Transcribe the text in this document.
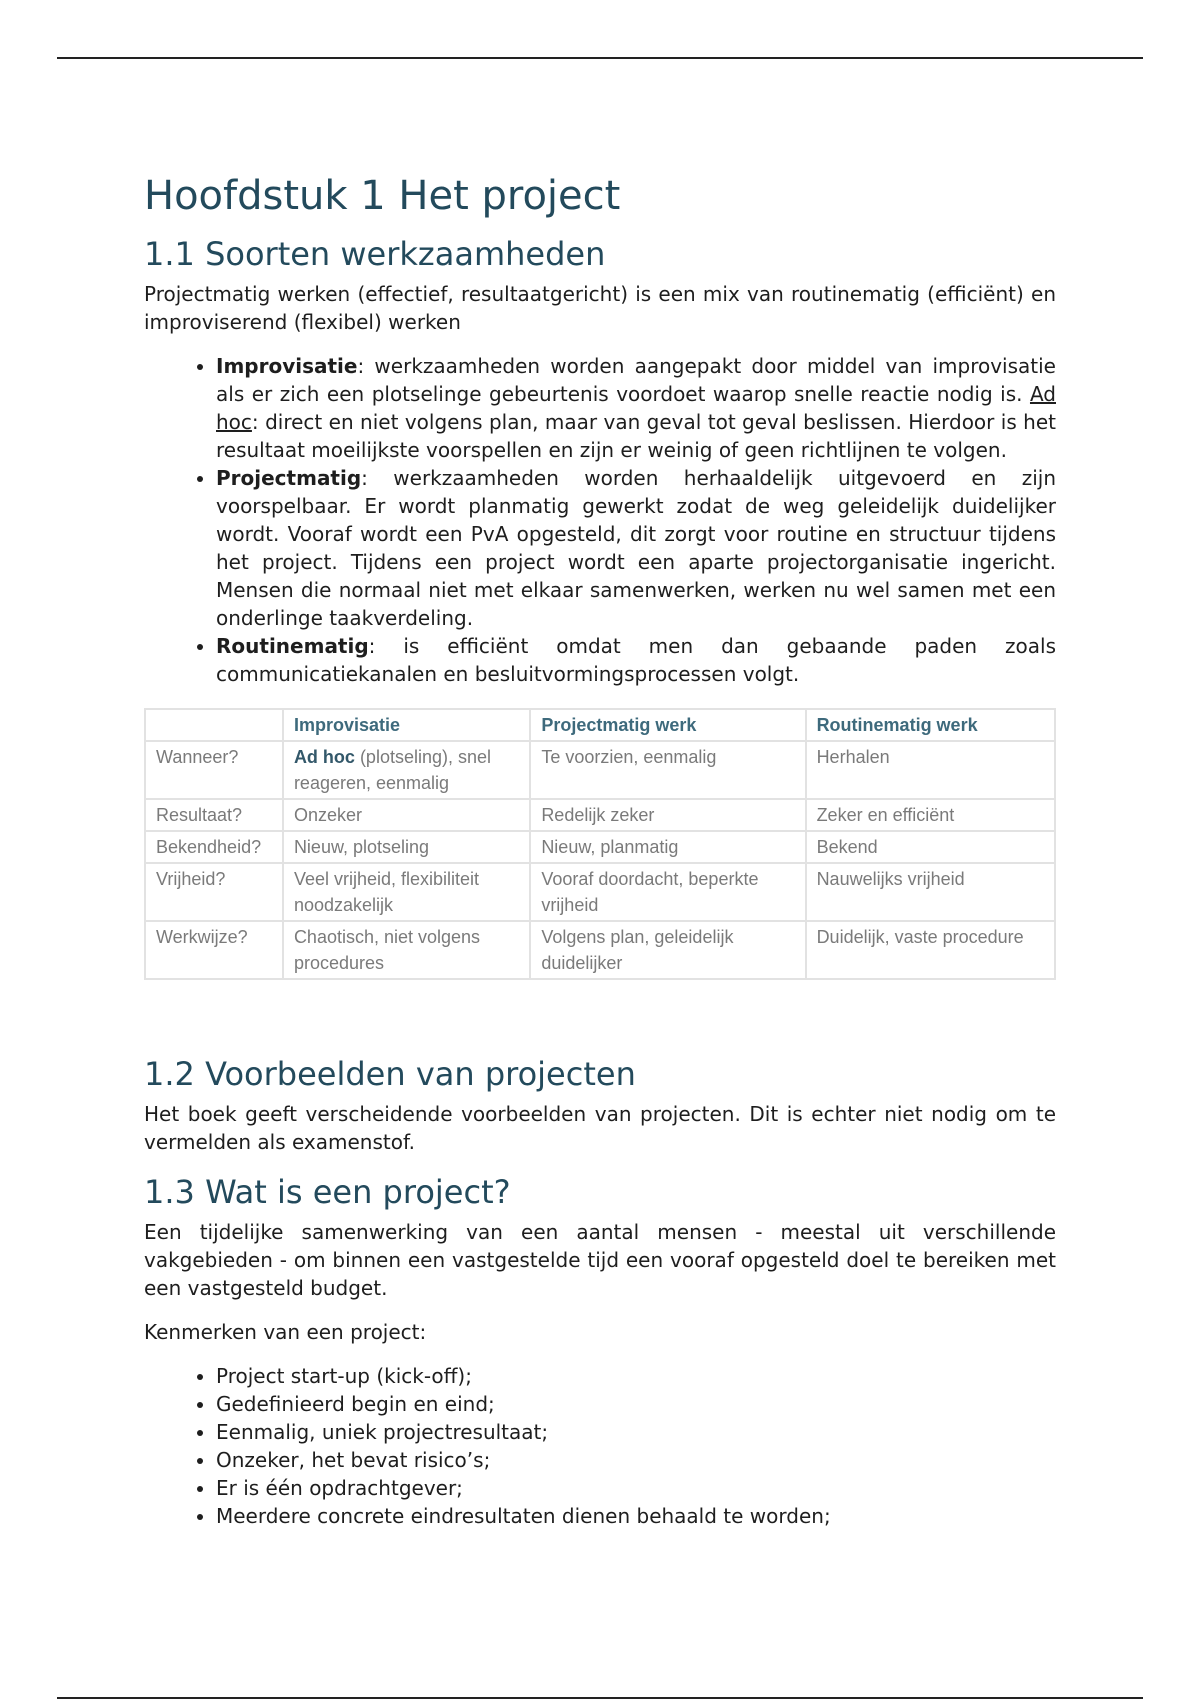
Hoofdstuk 1 Het project
1.1 Soorten werkzaamheden

Projectmatig werken (effectief, resultaatgericht) is een mix van routinematig (efficiënt) en improviserend (flexibel) werken

• Improvisatie: werkzaamheden worden aangepakt door middel van improvisatie als er zich een plotselinge gebeurtenis voordoet waarop snelle reactie nodig is. Ad hoc: direct en niet volgens plan, maar van geval tot geval beslissen. Hierdoor is het resultaat moeilijkste voorspellen en zijn er weinig of geen richtlijnen te volgen.
• Projectmatig: werkzaamheden worden herhaaldelijk uitgevoerd en zijn voorspelbaar. Er wordt planmatig gewerkt zodat de weg geleidelijk duidelijker wordt. Vooraf wordt een PvA opgesteld, dit zorgt voor routine en structuur tijdens het project. Tijdens een project wordt een aparte projectorganisatie ingericht. Mensen die normaal niet met elkaar samenwerken, werken nu wel samen met een onderlinge taakverdeling.
• Routinematig: is efficiënt omdat men dan gebaande paden zoals communicatiekanalen en besluitvormingsprocessen volgt.
	Improvisatie	Projectmatig werk	Routinematig werk
Wanneer?	Ad hoc (plotseling), snel reageren, eenmalig	Te voorzien, eenmalig	Herhalen
Resultaat?	Onzeker	Redelijk zeker	Zeker en efficiënt
Bekendheid?	Nieuw, plotseling	Nieuw, planmatig	Bekend
Vrijheid?	Veel vrijheid, flexibiliteit noodzakelijk	Vooraf doordacht, beperkte vrijheid	Nauwelijks vrijheid
Werkwijze?	Chaotisch, niet volgens procedures	Volgens plan, geleidelijk duidelijker	Duidelijk, vaste procedure
1.2 Voorbeelden van projecten

Het boek geeft verscheidende voorbeelden van projecten. Dit is echter niet nodig om te vermelden als examenstof.

1.3 Wat is een project?

Een tijdelijke samenwerking van een aantal mensen - meestal uit verschillende vakgebieden - om binnen een vastgestelde tijd een vooraf opgesteld doel te bereiken met een vastgesteld budget.

Kenmerken van een project:

• Project start-up (kick-off);
• Gedefinieerd begin en eind;
• Eenmalig, uniek projectresultaat;
• Onzeker, het bevat risico’s;
• Er is één opdrachtgever;
• Meerdere concrete eindresultaten dienen behaald te worden;
